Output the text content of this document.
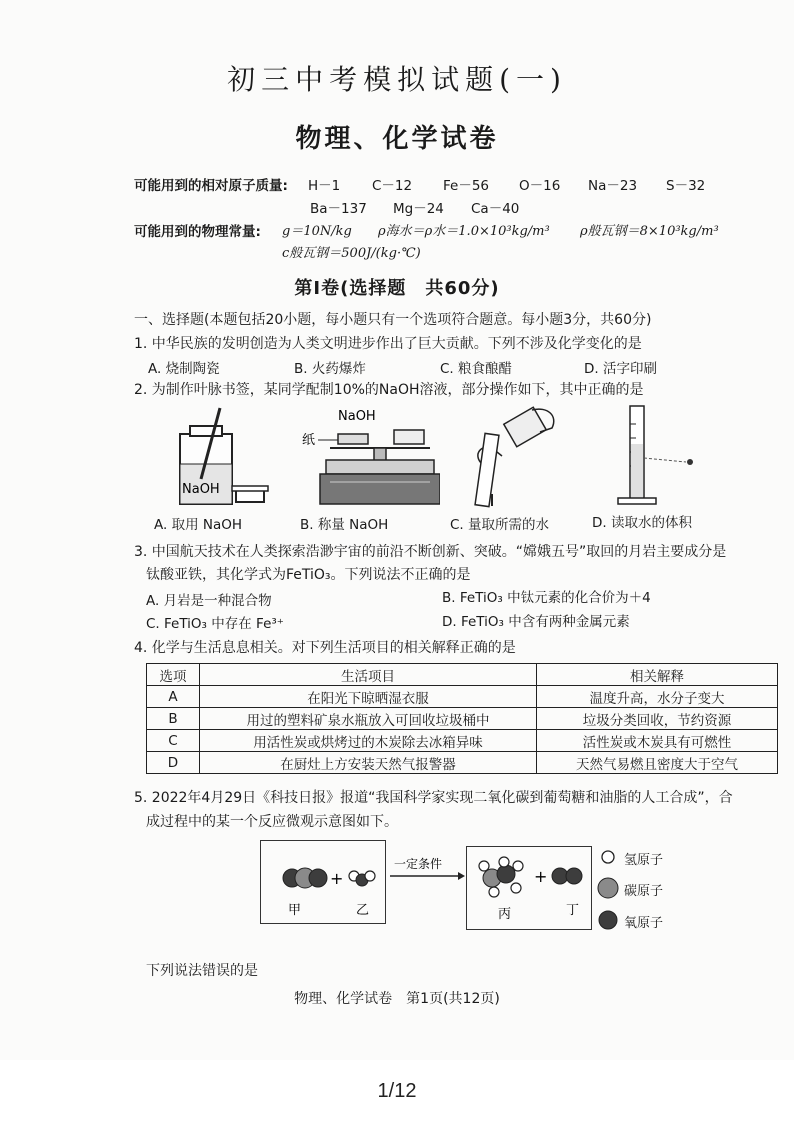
初三中考模拟试题(一)
物理、化学试卷
可能用到的相对原子质量: H－1 C－12 Fe－56 O－16 Na－23 S－32
Ba－137 Mg－24 Ca－40
可能用到的物理常量: g＝10N/kg ρ海水＝ρ水＝1.0×10³kg/m³ ρ般瓦钢＝8×10³kg/m³
c般瓦钢＝500J/(kg·℃)
第Ⅰ卷(选择题　共60分)
一、选择题(本题包括20小题，每小题只有一个选项符合题意。每小题3分，共60分)
1. 中华民族的发明创造为人类文明进步作出了巨大贡献。下列不涉及化学变化的是
A. 烧制陶瓷	B. 火药爆炸	C. 粮食酿醋	D. 活字印刷
2. 为制作叶脉书签，某同学配制10%的NaOH溶液，部分操作如下，其中正确的是
NaOH
NaOH
纸
A. 取用 NaOH	B. 称量 NaOH	C. 量取所需的水	D. 读取水的体积
3. 中国航天技术在人类探索浩渺宇宙的前沿不断创新、突破。“嫦娥五号”取回的月岩主要成分是
钛酸亚铁，其化学式为FeTiO₃。下列说法不正确的是
A. 月岩是一种混合物	B. FeTiO₃ 中钛元素的化合价为＋4
C. FeTiO₃ 中存在 Fe³⁺	D. FeTiO₃ 中含有两种金属元素
4. 化学与生活息息相关。对下列生活项目的相关解释正确的是
选项	生活项目	相关解释
A	在阳光下晾晒湿衣服	温度升高，水分子变大
B	用过的塑料矿泉水瓶放入可回收垃圾桶中	垃圾分类回收，节约资源
C	用活性炭或烘烤过的木炭除去冰箱异味	活性炭或木炭具有可燃性
D	在厨灶上方安装天然气报警器	天然气易燃且密度大于空气
5. 2022年4月29日《科技日报》报道“我国科学家实现二氧化碳到葡萄糖和油脂的人工合成”，合
成过程中的某一个反应微观示意图如下。
+
甲	乙
一定条件
+
丙	丁
氢原子
碳原子
氧原子
下列说法错误的是
物理、化学试卷　第1页(共12页)
1/12
